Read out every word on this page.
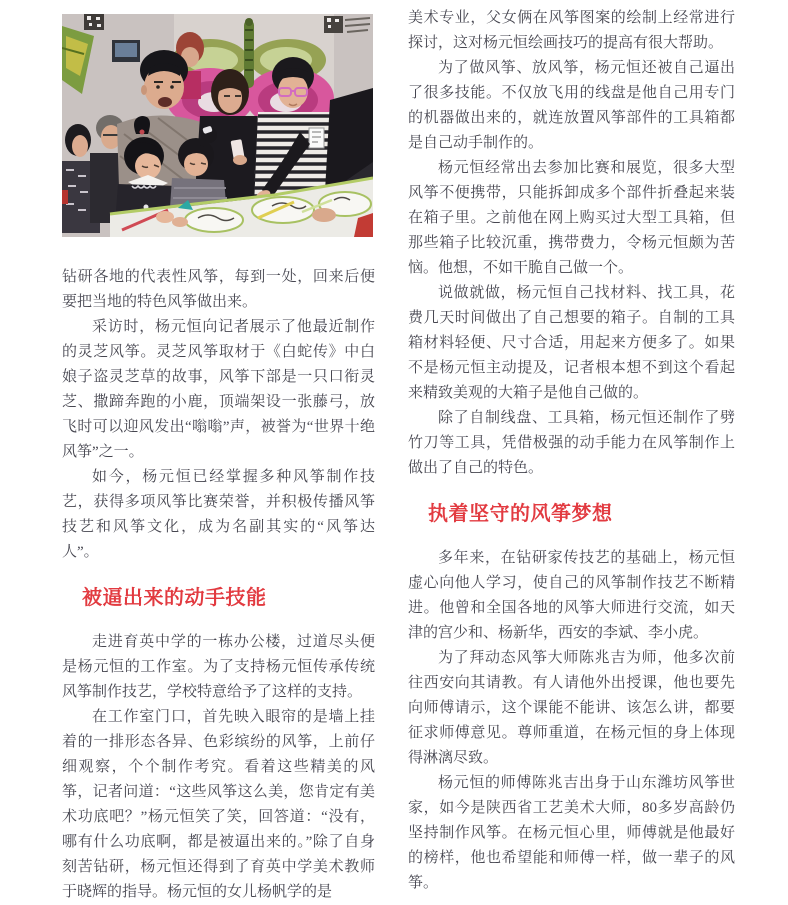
钻研各地的代表性风筝，每到一处，回来后便要把当地的特色风筝做出来。

采访时，杨元恒向记者展示了他最近制作的灵芝风筝。灵芝风筝取材于《白蛇传》中白娘子盗灵芝草的故事，风筝下部是一只口衔灵芝、撒蹄奔跑的小鹿，顶端架设一张藤弓，放飞时可以迎风发出“嗡嗡”声，被誉为“世界十绝风筝”之一。

如今，杨元恒已经掌握多种风筝制作技艺，获得多项风筝比赛荣誉，并积极传播风筝技艺和风筝文化，成为名副其实的“风筝达人”。

被逼出来的动手技能

走进育英中学的一栋办公楼，过道尽头便是杨元恒的工作室。为了支持杨元恒传承传统风筝制作技艺，学校特意给予了这样的支持。

在工作室门口，首先映入眼帘的是墙上挂着的一排形态各异、色彩缤纷的风筝，上前仔细观察，个个制作考究。看着这些精美的风筝，记者问道：“这些风筝这么美，您肯定有美术功底吧？”杨元恒笑了笑，回答道：“没有，哪有什么功底啊，都是被逼出来的。”除了自身刻苦钻研，杨元恒还得到了育英中学美术教师于晓辉的指导。杨元恒的女儿杨帆学的是

美术专业，父女俩在风筝图案的绘制上经常进行探讨，这对杨元恒绘画技巧的提高有很大帮助。

为了做风筝、放风筝，杨元恒还被自己逼出了很多技能。不仅放飞用的线盘是他自己用专门的机器做出来的，就连放置风筝部件的工具箱都是自己动手制作的。

杨元恒经常出去参加比赛和展览，很多大型风筝不便携带，只能拆卸成多个部件折叠起来装在箱子里。之前他在网上购买过大型工具箱，但那些箱子比较沉重，携带费力，令杨元恒颇为苦恼。他想，不如干脆自己做一个。

说做就做，杨元恒自己找材料、找工具，花费几天时间做出了自己想要的箱子。自制的工具箱材料轻便、尺寸合适，用起来方便多了。如果不是杨元恒主动提及，记者根本想不到这个看起来精致美观的大箱子是他自己做的。

除了自制线盘、工具箱，杨元恒还制作了劈竹刀等工具，凭借极强的动手能力在风筝制作上做出了自己的特色。

执着坚守的风筝梦想

多年来，在钻研家传技艺的基础上，杨元恒虚心向他人学习，使自己的风筝制作技艺不断精进。他曾和全国各地的风筝大师进行交流，如天津的宫少和、杨新华，西安的李斌、李小虎。

为了拜动态风筝大师陈兆吉为师，他多次前往西安向其请教。有人请他外出授课，他也要先向师傅请示，这个课能不能讲、该怎么讲，都要征求师傅意见。尊师重道，在杨元恒的身上体现得淋漓尽致。

杨元恒的师傅陈兆吉出身于山东潍坊风筝世家，如今是陕西省工艺美术大师，80多岁高龄仍坚持制作风筝。在杨元恒心里，师傅就是他最好的榜样，他也希望能和师傅一样，做一辈子的风筝。
